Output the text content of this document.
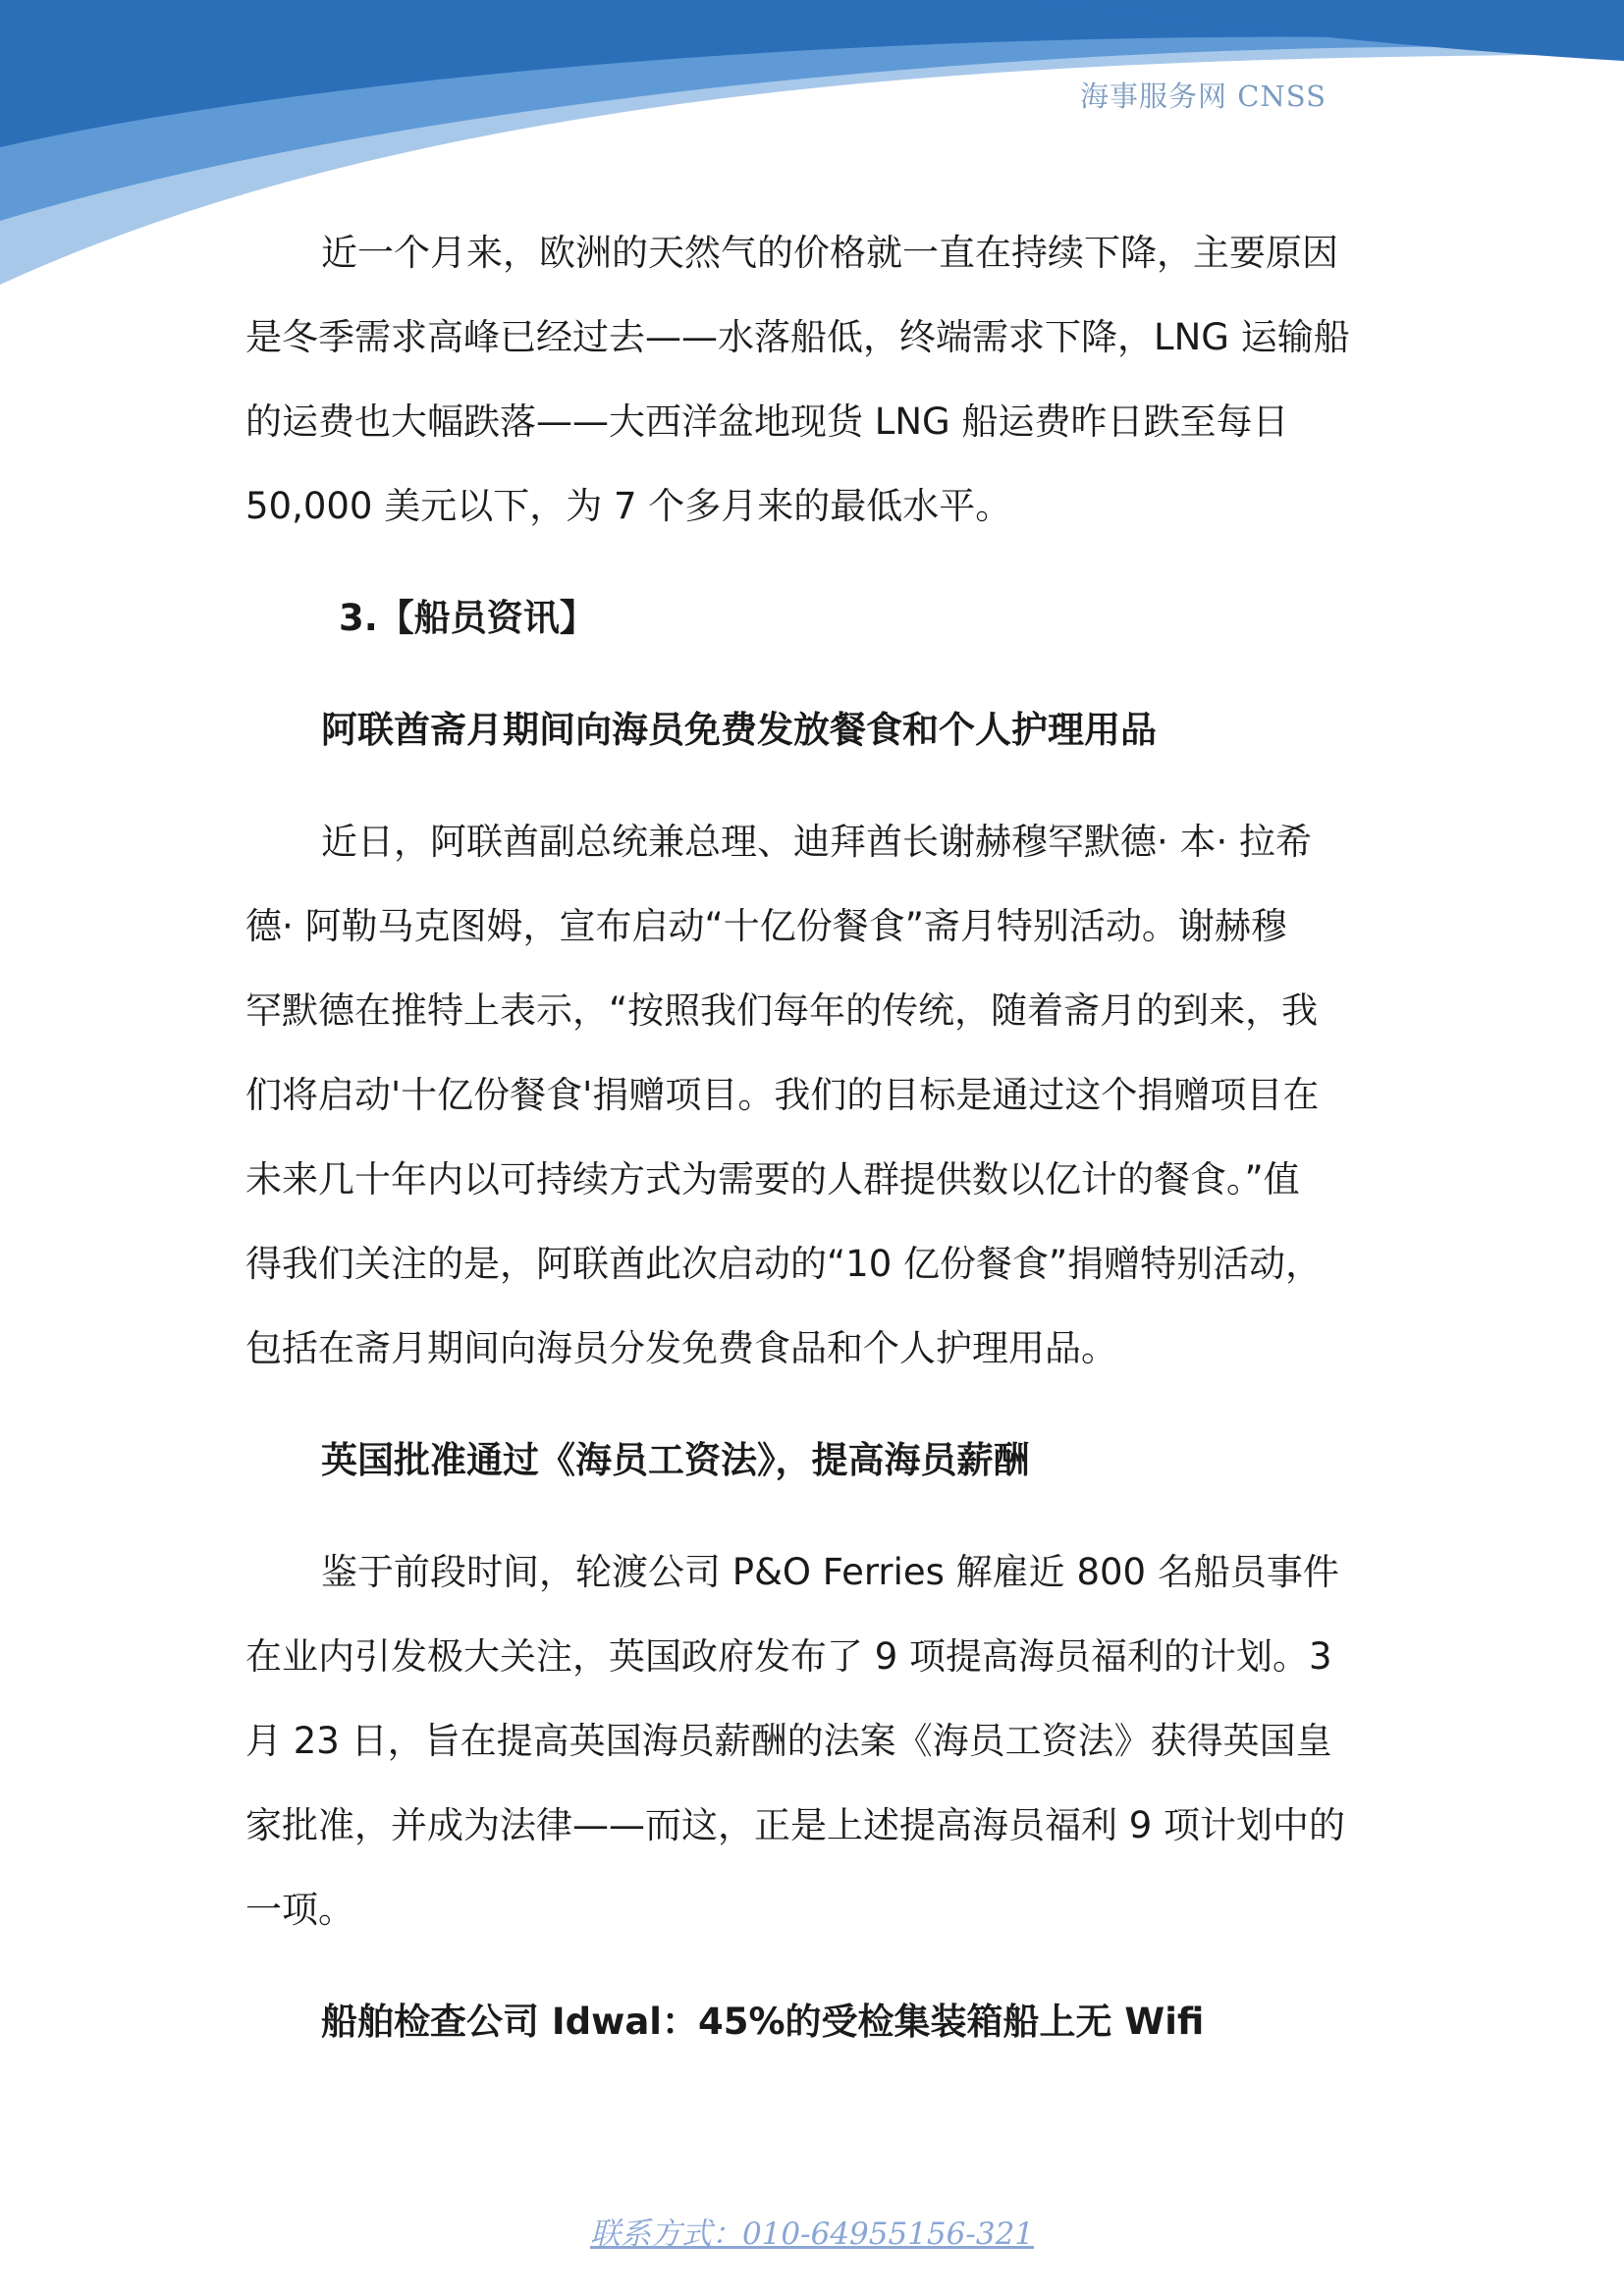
海事服务网 CNSS

近一个月来，欧洲的天然气的价格就一直在持续下降，主要原因
是冬季需求高峰已经过去——水落船低，终端需求下降，LNG 运输船
的运费也大幅跌落——大西洋盆地现货 LNG 船运费昨日跌至每日
50,000 美元以下，为 7 个多月来的最低水平。

3.【船员资讯】
阿联酋斋月期间向海员免费发放餐食和个人护理用品

近日，阿联酋副总统兼总理、迪拜酋长谢赫穆罕默德· 本· 拉希
德· 阿勒马克图姆，宣布启动“十亿份餐食”斋月特别活动。谢赫穆
罕默德在推特上表示，“按照我们每年的传统，随着斋月的到来，我
们将启动'十亿份餐食'捐赠项目。我们的目标是通过这个捐赠项目在
未来几十年内以可持续方式为需要的人群提供数以亿计的餐食。”值
得我们关注的是，阿联酋此次启动的“10 亿份餐食”捐赠特别活动，
包括在斋月期间向海员分发免费食品和个人护理用品。

英国批准通过《海员工资法》，提高海员薪酬

鉴于前段时间，轮渡公司 P&O Ferries 解雇近 800 名船员事件
在业内引发极大关注，英国政府发布了 9 项提高海员福利的计划。3
月 23 日，旨在提高英国海员薪酬的法案《海员工资法》获得英国皇
家批准，并成为法律——而这，正是上述提高海员福利 9 项计划中的
一项。

船舶检查公司 Idwal：45%的受检集装箱船上无 Wifi
联系方式：010-64955156-321
